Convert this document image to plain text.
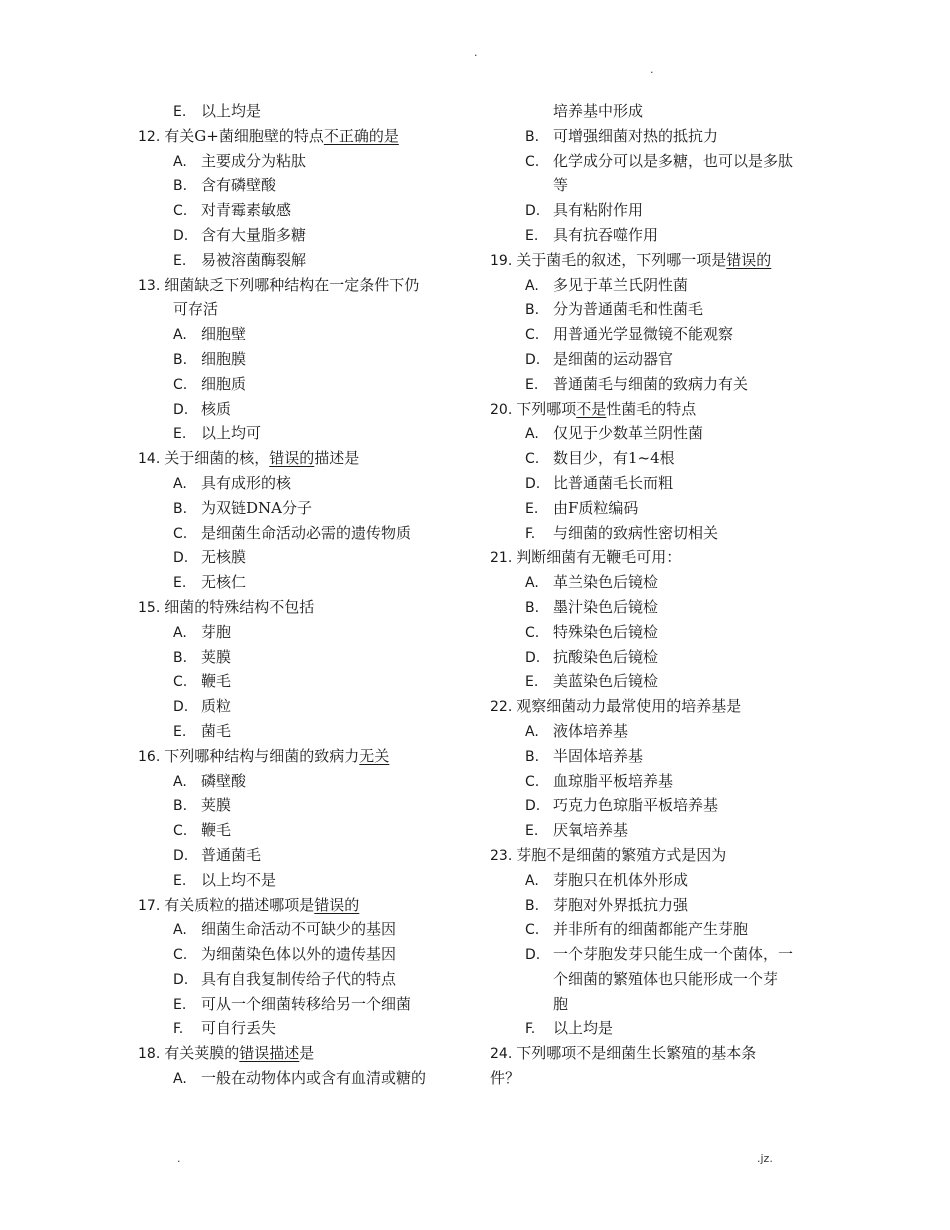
.
.
E. 以上均是
12. 有关G+菌细胞壁的特点不正确的是
A. 主要成分为粘肽
B. 含有磷壁酸
C. 对青霉素敏感
D. 含有大量脂多糖
E. 易被溶菌酶裂解
13. 细菌缺乏下列哪种结构在一定条件下仍
可存活
A. 细胞壁
B. 细胞膜
C. 细胞质
D. 核质
E. 以上均可
14. 关于细菌的核，错误的描述是
A. 具有成形的核
B. 为双链DNA分子
C. 是细菌生命活动必需的遗传物质
D. 无核膜
E. 无核仁
15. 细菌的特殊结构不包括
A. 芽胞
B. 荚膜
C. 鞭毛
D. 质粒
E. 菌毛
16. 下列哪种结构与细菌的致病力无关
A. 磷壁酸
B. 荚膜
C. 鞭毛
D. 普通菌毛
E. 以上均不是
17. 有关质粒的描述哪项是错误的
A. 细菌生命活动不可缺少的基因
C. 为细菌染色体以外的遗传基因
D. 具有自我复制传给子代的特点
E. 可从一个细菌转移给另一个细菌
F. 可自行丢失
18. 有关荚膜的错误描述是
A. 一般在动物体内或含有血清或糖的
培养基中形成
B. 可增强细菌对热的抵抗力
C. 化学成分可以是多糖，也可以是多肽
等
D. 具有粘附作用
E. 具有抗吞噬作用
19. 关于菌毛的叙述，下列哪一项是错误的
A. 多见于革兰氏阴性菌
B. 分为普通菌毛和性菌毛
C. 用普通光学显微镜不能观察
D. 是细菌的运动器官
E. 普通菌毛与细菌的致病力有关
20. 下列哪项不是性菌毛的特点
A. 仅见于少数革兰阴性菌
C. 数目少，有1~4根
D. 比普通菌毛长而粗
E. 由F质粒编码
F. 与细菌的致病性密切相关
21. 判断细菌有无鞭毛可用：
A. 革兰染色后镜检
B. 墨汁染色后镜检
C. 特殊染色后镜检
D. 抗酸染色后镜检
E. 美蓝染色后镜检
22. 观察细菌动力最常使用的培养基是
A. 液体培养基
B. 半固体培养基
C. 血琼脂平板培养基
D. 巧克力色琼脂平板培养基
E. 厌氧培养基
23. 芽胞不是细菌的繁殖方式是因为
A. 芽胞只在机体外形成
B. 芽胞对外界抵抗力强
C. 并非所有的细菌都能产生芽胞
D. 一个芽胞发芽只能生成一个菌体，一
个细菌的繁殖体也只能形成一个芽
胞
F. 以上均是
24. 下列哪项不是细菌生长繁殖的基本条
件？
.	.jz.
